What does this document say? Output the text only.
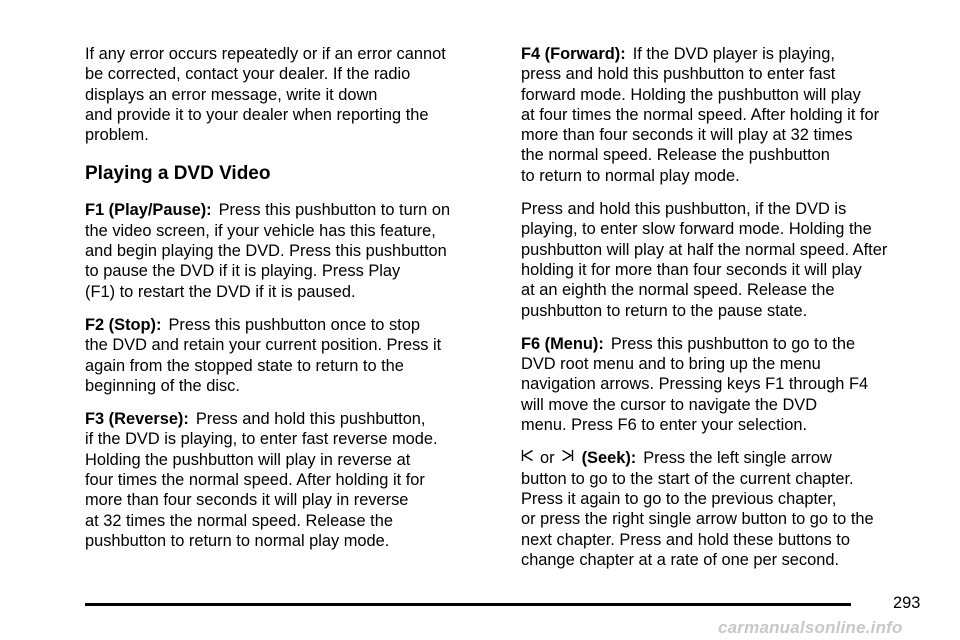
If any error occurs repeatedly or if an error cannot
be corrected, contact your dealer. If the radio
displays an error message, write it down
and provide it to your dealer when reporting the
problem.

Playing a DVD Video

F1 (Play/Pause): Press this pushbutton to turn on
the video screen, if your vehicle has this feature,
and begin playing the DVD. Press this pushbutton
to pause the DVD if it is playing. Press Play
(F1) to restart the DVD if it is paused.

F2 (Stop): Press this pushbutton once to stop
the DVD and retain your current position. Press it
again from the stopped state to return to the
beginning of the disc.

F3 (Reverse): Press and hold this pushbutton,
if the DVD is playing, to enter fast reverse mode.
Holding the pushbutton will play in reverse at
four times the normal speed. After holding it for
more than four seconds it will play in reverse
at 32 times the normal speed. Release the
pushbutton to return to normal play mode.

F4 (Forward): If the DVD player is playing,
press and hold this pushbutton to enter fast
forward mode. Holding the pushbutton will play
at four times the normal speed. After holding it for
more than four seconds it will play at 32 times
the normal speed. Release the pushbutton
to return to normal play mode.

Press and hold this pushbutton, if the DVD is
playing, to enter slow forward mode. Holding the
pushbutton will play at half the normal speed. After
holding it for more than four seconds it will play
at an eighth the normal speed. Release the
pushbutton to return to the pause state.

F6 (Menu): Press this pushbutton to go to the
DVD root menu and to bring up the menu
navigation arrows. Pressing keys F1 through F4
will move the cursor to navigate the DVD
menu. Press F6 to enter your selection.

or (Seek): Press the left single arrow
button to go to the start of the current chapter.
Press it again to go to the previous chapter,
or press the right single arrow button to go to the
next chapter. Press and hold these buttons to
change chapter at a rate of one per second.

293
carmanualsonline.info
